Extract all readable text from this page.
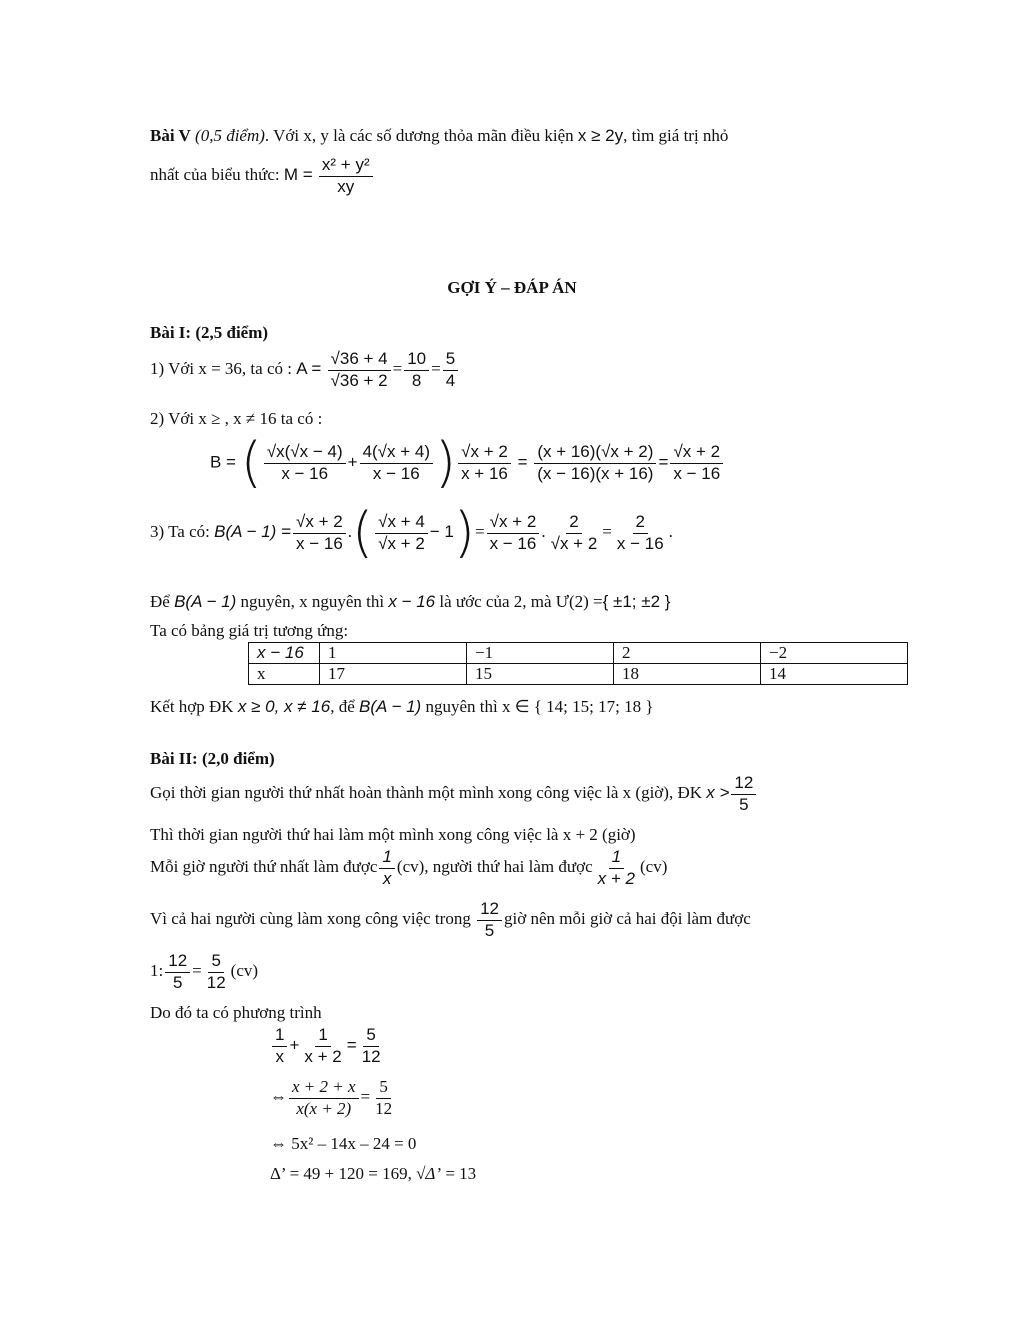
Bài V (0,5 điểm). Với x, y là các số dương thỏa mãn điều kiện x ≥ 2y, tìm giá trị nhỏ
nhất của biểu thức: $M = \frac{\text{x² + y²}}{xy}$
GỢI Ý – ĐÁP ÁN
Bài I: (2,5 điểm)
1) Với x = 36, ta có : $A = \frac{√36 + 4}{√36 + 2} = \frac{10}{8} = \frac{5}{4}$
2) Với x ≥ , x ≠ 16 ta có :
B = ( $\frac{√x(√x - 4)}{x - 16} + \frac{4(√x + 4)}{x - 16}$ ) $\frac{√x + 2}{x + 16} = \frac{(x + 16)(√x + 2)}{(x - 16)(x + 16)} = \frac{√x + 2}{x - 16}$
3) Ta có: $B(A - 1) = \frac{√x + 2}{x - 16}$ .( $\frac{√x + 4}{√x + 2} - 1)= \frac{√x + 2}{x - 16}$ . $\frac{2}{√x + 2} = \frac{2}{x - 16}$ .
Để B(A − 1) nguyên, x nguyên thì x − 16 là ước của 2, mà Ư(2) ={ ±1; ±2 }
Ta có bảng giá trị tương ứng:
x − 16	1	−1	2	−2
x	17	15	18	14
Kết hợp ĐK x ≥ 0, x ≠ 16, để B(A − 1) nguyên thì x ∈ { 14; 15; 17; 18 }
Bài II: (2,0 điểm)
Gọi thời gian người thứ nhất hoàn thành một mình xong công việc là x (giờ), ĐK $x > \frac{12}{5}$
Thì thời gian người thứ hai làm một mình xong công việc là x + 2 (giờ)
Mỗi giờ người thứ nhất làm được $\frac{1}{x} (cv)$, người thứ hai làm được $\frac{1}{x + 2} (cv)$
Vì cả hai người cùng làm xong công việc trong $\frac{12}{5}$ giờ nên mỗi giờ cả hai đội làm được
1: $\frac{12}{5} = \frac{5}{12} (cv)$
Do đó ta có phương trình
$\frac{1}{x} + \frac{1}{x + 2} = \frac{5}{12}$
⇔ $\frac{x + 2 + x}{x(x + 2)} = \frac{5}{12}$
⇔ 5x² – 14x – 24 = 0
Δ’ = 49 + 120 = 169, √Δ’ = 13
